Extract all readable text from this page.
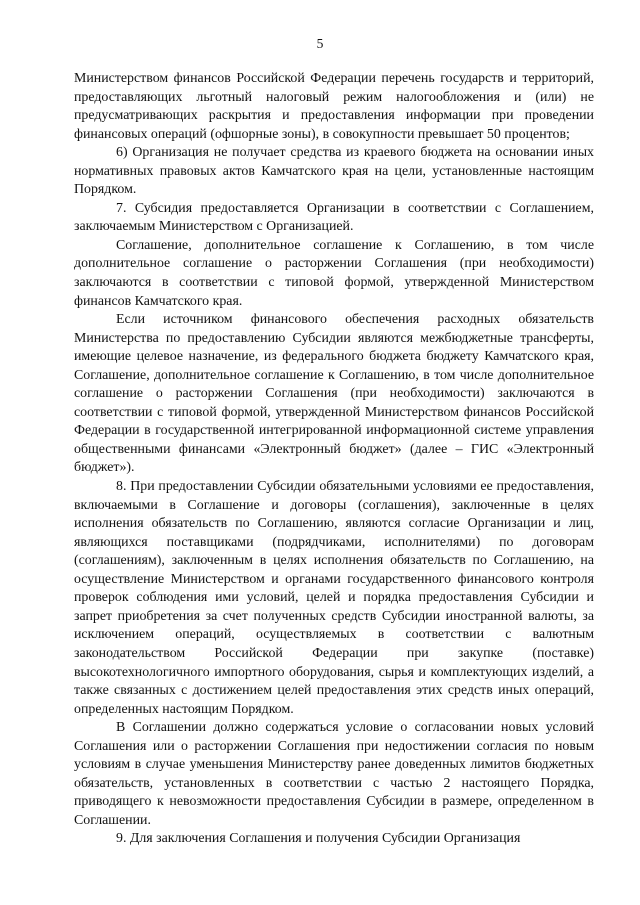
5

Министерством финансов Российской Федерации перечень государств и территорий, предоставляющих льготный налоговый режим налогообложения и (или) не предусматривающих раскрытия и предоставления информации при проведении финансовых операций (офшорные зоны), в совокупности превышает 50 процентов;

6) Организация не получает средства из краевого бюджета на основании иных нормативных правовых актов Камчатского края на цели, установленные настоящим Порядком.

7. Субсидия предоставляется Организации в соответствии с Соглашением, заключаемым Министерством с Организацией.

Соглашение, дополнительное соглашение к Соглашению, в том числе дополнительное соглашение о расторжении Соглашения (при необходимости) заключаются в соответствии с типовой формой, утвержденной Министерством финансов Камчатского края.

Если источником финансового обеспечения расходных обязательств Министерства по предоставлению Субсидии являются межбюджетные трансферты, имеющие целевое назначение, из федерального бюджета бюджету Камчатского края, Соглашение, дополнительное соглашение к Соглашению, в том числе дополнительное соглашение о расторжении Соглашения (при необходимости) заключаются в соответствии с типовой формой, утвержденной Министерством финансов Российской Федерации в государственной интегрированной информационной системе управления общественными финансами «Электронный бюджет» (далее – ГИС «Электронный бюджет»).

8. При предоставлении Субсидии обязательными условиями ее предоставления, включаемыми в Соглашение и договоры (соглашения), заключенные в целях исполнения обязательств по Соглашению, являются согласие Организации и лиц, являющихся поставщиками (подрядчиками, исполнителями) по договорам (соглашениям), заключенным в целях исполнения обязательств по Соглашению, на осуществление Министерством и органами государственного финансового контроля проверок соблюдения ими условий, целей и порядка предоставления Субсидии и запрет приобретения за счет полученных средств Субсидии иностранной валюты, за исключением операций, осуществляемых в соответствии с валютным законодательством Российской Федерации при закупке (поставке) высокотехнологичного импортного оборудования, сырья и комплектующих изделий, а также связанных с достижением целей предоставления этих средств иных операций, определенных настоящим Порядком.

В Соглашении должно содержаться условие о согласовании новых условий Соглашения или о расторжении Соглашения при недостижении согласия по новым условиям в случае уменьшения Министерству ранее доведенных лимитов бюджетных обязательств, установленных в соответствии с частью 2 настоящего Порядка, приводящего к невозможности предоставления Субсидии в размере, определенном в Соглашении.

9. Для заключения Соглашения и получения Субсидии Организация
